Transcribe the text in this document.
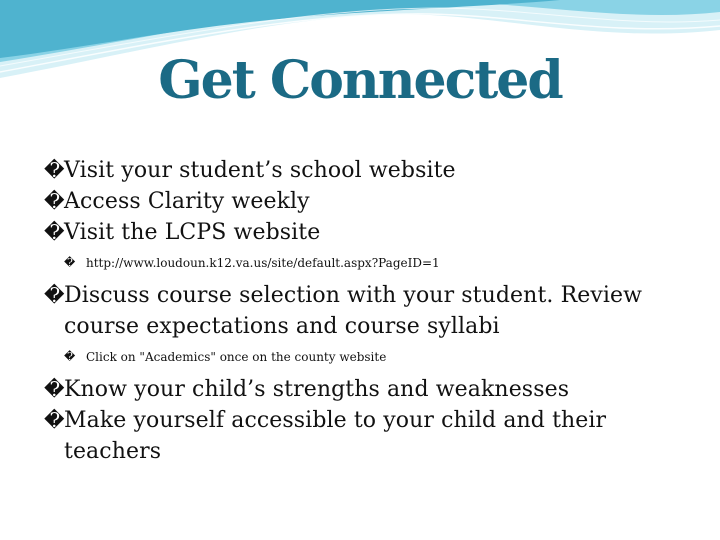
Get Connected
� Visit your student’s school website
� Access Clarity weekly
� Visit the LCPS website
� http://www.loudoun.k12.va.us/site/default.aspx?PageID=1
� Discuss course selection with your student. Review course expectations and course syllabi
� Click on "Academics" once on the county website
� Know your child’s strengths and weaknesses
� Make yourself accessible to your child and their teachers
